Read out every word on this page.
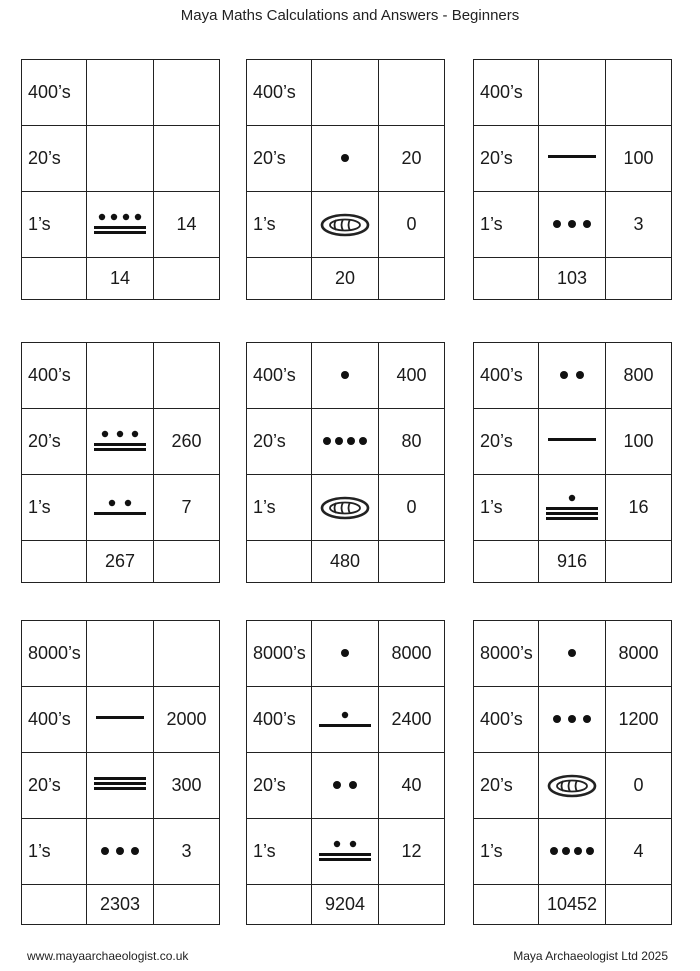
Maya Maths Calculations and Answers - Beginners
400’s		
20’s		
1’s		14
	14	
400’s		
20’s		20
1’s		0
	20	
400’s		
20’s		100
1’s		3
	103	
400’s		
20’s		260
1’s		7
	267	
400’s		400
20’s		80
1’s		0
	480	
400’s		800
20’s		100
1’s		16
	916	
8000’s		
400’s		2000
20’s		300
1’s		3
	2303	
8000’s		8000
400’s		2400
20’s		40
1’s		12
	9204	
8000’s		8000
400’s		1200
20’s		0
1’s		4
	10452	
www.mayaarchaeologist.co.uk	Maya Archaeologist Ltd 2025
